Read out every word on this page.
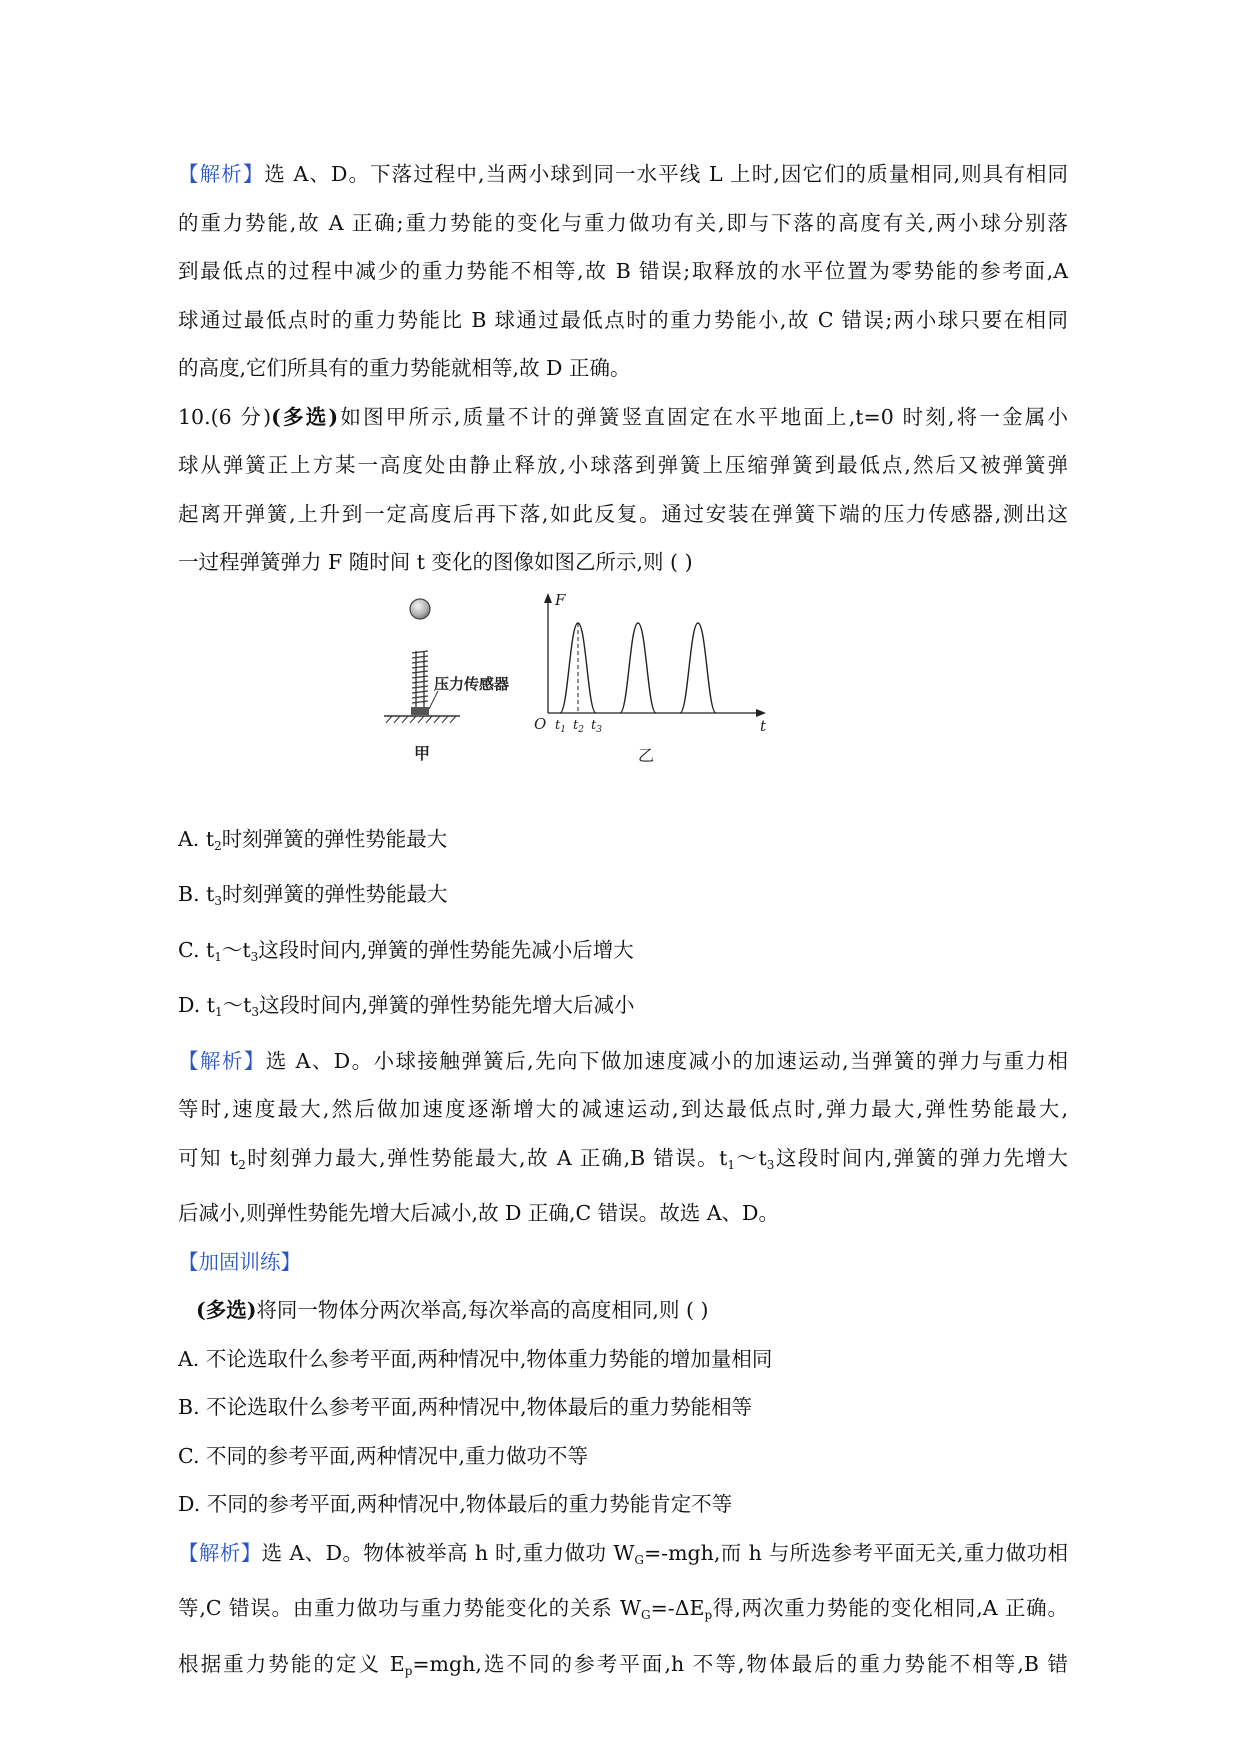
【解析】选 A、D。下落过程中,当两小球到同一水平线 L 上时,因它们的质量相同,则具有相同

的重力势能,故 A 正确;重力势能的变化与重力做功有关,即与下落的高度有关,两小球分别落

到最低点的过程中减少的重力势能不相等,故 B 错误;取释放的水平位置为零势能的参考面,A

球通过最低点时的重力势能比 B 球通过最低点时的重力势能小,故 C 错误;两小球只要在相同

的高度,它们所具有的重力势能就相等,故 D 正确。

10.(6 分)(多选)如图甲所示,质量不计的弹簧竖直固定在水平地面上,t=0 时刻,将一金属小

球从弹簧正上方某一高度处由静止释放,小球落到弹簧上压缩弹簧到最低点,然后又被弹簧弹

起离开弹簧,上升到一定高度后再下落,如此反复。通过安装在弹簧下端的压力传感器,测出这

一过程弹簧弹力 F 随时间 t 变化的图像如图乙所示,则 ( )

压力传感器
甲
F
t
O $t_1$ $t_2$ $t_3$
乙

A. $t_2$时刻弹簧的弹性势能最大

B. $t_3$时刻弹簧的弹性势能最大

C. $t_1\sim t_3$这段时间内,弹簧的弹性势能先减小后增大

D. $t_1\sim t_3$这段时间内,弹簧的弹性势能先增大后减小

【解析】选 A、D。小球接触弹簧后,先向下做加速度减小的加速运动,当弹簧的弹力与重力相

等时,速度最大,然后做加速度逐渐增大的减速运动,到达最低点时,弹力最大,弹性势能最大,

可知 $t_2$时刻弹力最大,弹性势能最大,故 A 正确,B 错误。$t_1\sim t_3$这段时间内,弹簧的弹力先增大

后减小,则弹性势能先增大后减小,故 D 正确,C 错误。故选 A、D。

【加固训练】

(多选)将同一物体分两次举高,每次举高的高度相同,则 ( )

A. 不论选取什么参考平面,两种情况中,物体重力势能的增加量相同

B. 不论选取什么参考平面,两种情况中,物体最后的重力势能相等

C. 不同的参考平面,两种情况中,重力做功不等

D. 不同的参考平面,两种情况中,物体最后的重力势能肯定不等

【解析】选 A、D。物体被举高 h 时,重力做功 $W_G=$-mgh,而 h 与所选参考平面无关,重力做功相

等,C 错误。由重力做功与重力势能变化的关系 $W_G=-\Delta E_p$得,两次重力势能的变化相同,A 正确。

根据重力势能的定义 $E_p=mgh$,选不同的参考平面,h 不等,物体最后的重力势能不相等,B 错
